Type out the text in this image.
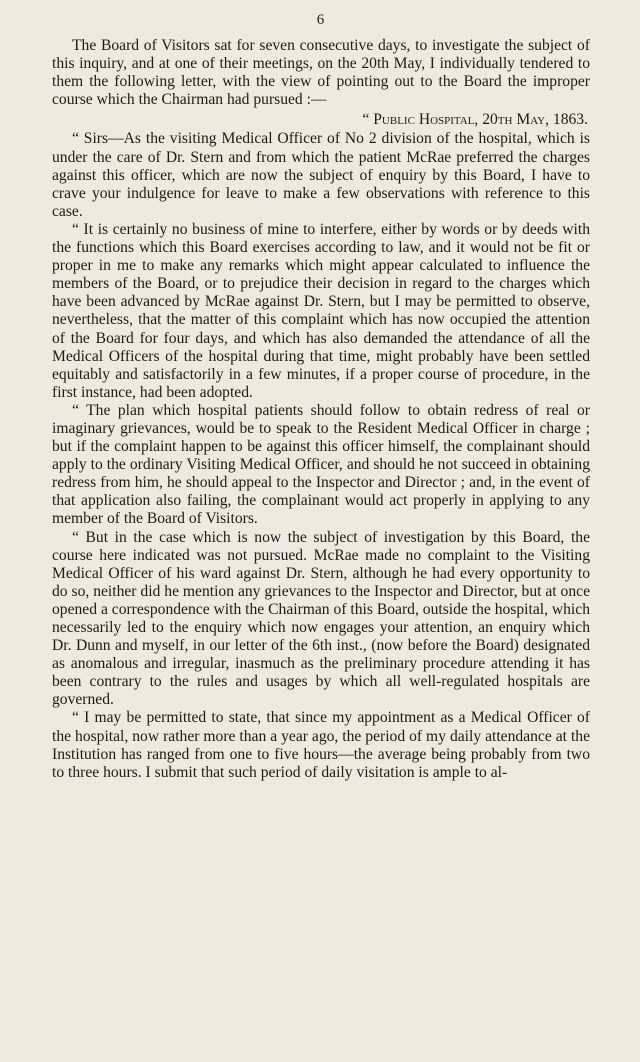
6

The Board of Visitors sat for seven consecutive days, to investigate the subject of this inquiry, and at one of their meetings, on the 20th May, I individually tendered to them the following letter, with the view of pointing out to the Board the improper course which the Chairman had pursued :—

“ Public Hospital, 20th May, 1863.

“ Sirs—As the visiting Medical Officer of No 2 division of the hospital, which is under the care of Dr. Stern and from which the patient McRae preferred the charges against this officer, which are now the subject of enquiry by this Board, I have to crave your indulgence for leave to make a few observations with reference to this case.

“ It is certainly no business of mine to interfere, either by words or by deeds with the functions which this Board exercises according to law, and it would not be fit or proper in me to make any remarks which might appear calculated to influence the members of the Board, or to prejudice their decision in regard to the charges which have been advanced by McRae against Dr. Stern, but I may be permitted to observe, nevertheless, that the matter of this complaint which has now occupied the attention of the Board for four days, and which has also demanded the attendance of all the Medical Officers of the hospital during that time, might probably have been settled equitably and satisfactorily in a few minutes, if a proper course of procedure, in the first instance, had been adopted.

“ The plan which hospital patients should follow to obtain redress of real or imaginary grievances, would be to speak to the Resident Medical Officer in charge ; but if the complaint happen to be against this officer himself, the complainant should apply to the ordinary Visiting Medical Officer, and should he not succeed in obtaining redress from him, he should appeal to the Inspector and Director ; and, in the event of that application also failing, the complainant would act properly in applying to any member of the Board of Visitors.

“ But in the case which is now the subject of investigation by this Board, the course here indicated was not pursued. McRae made no complaint to the Visiting Medical Officer of his ward against Dr. Stern, although he had every opportunity to do so, neither did he mention any grievances to the Inspector and Director, but at once opened a correspondence with the Chairman of this Board, outside the hospital, which necessarily led to the enquiry which now engages your attention, an enquiry which Dr. Dunn and myself, in our letter of the 6th inst., (now before the Board) designated as anomalous and irregular, inasmuch as the preliminary procedure attending it has been contrary to the rules and usages by which all well-regulated hospitals are governed.

“ I may be permitted to state, that since my appointment as a Medical Officer of the hospital, now rather more than a year ago, the period of my daily attendance at the Institution has ranged from one to five hours—the average being probably from two to three hours. I submit that such period of daily visitation is ample to al-
